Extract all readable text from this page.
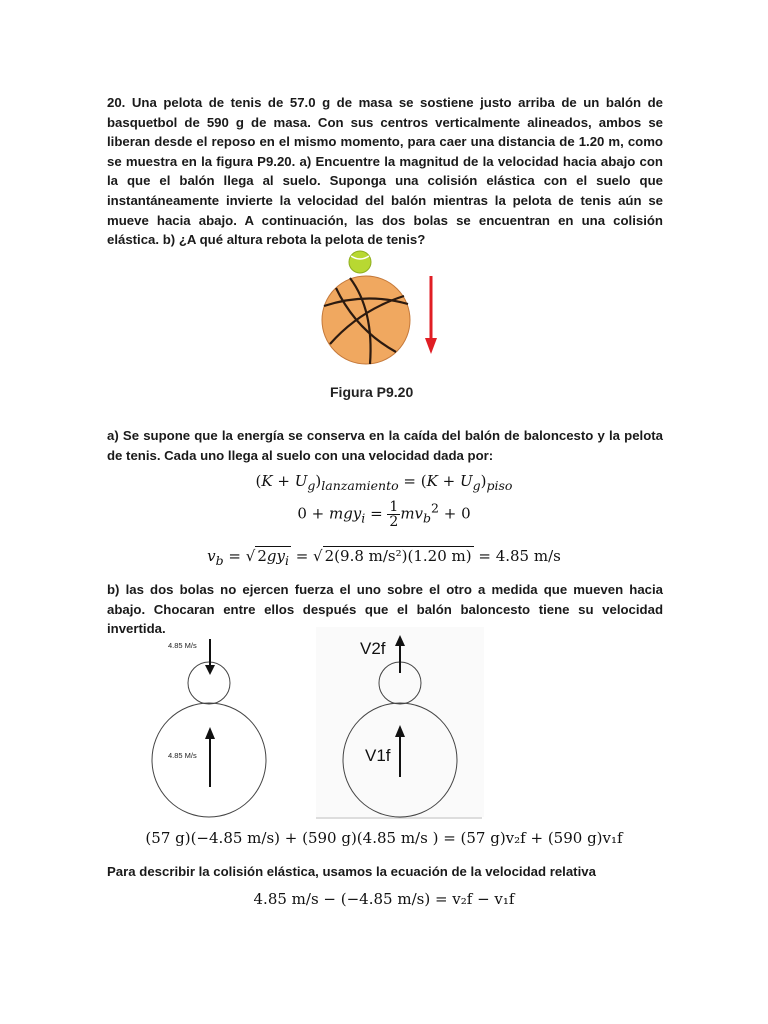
20. Una pelota de tenis de 57.0 g de masa se sostiene justo arriba de un balón de basquetbol de 590 g de masa. Con sus centros verticalmente alineados, ambos se liberan desde el reposo en el mismo momento, para caer una distancia de 1.20 m, como se muestra en la figura P9.20. a) Encuentre la magnitud de la velocidad hacia abajo con la que el balón llega al suelo. Suponga una colisión elástica con el suelo que instantáneamente invierte la velocidad del balón mientras la pelota de tenis aún se mueve hacia abajo. A continuación, las dos bolas se encuentran en una colisión elástica. b) ¿A qué altura rebota la pelota de tenis?

Figura P9.20

a) Se supone que la energía se conserva en la caída del balón de baloncesto y la pelota de tenis. Cada uno llega al suelo con una velocidad dada por:

$(K + U_g)_{lanzamiento} = (K + U_g)_{piso}$
$0 + mgy_i = \frac{1}{2} mv_b^2 + 0$
$v_b$ = √ $2gy_i$ = √ 2(9.8 m/s²)(1.20 m) = 4.85 m/s

b) las dos bolas no ejercen fuerza el uno sobre el otro a medida que mueven hacia abajo. Chocaran entre ellos después que el balón baloncesto tiene su velocidad invertida.

4.85 M/s
4.85 M/s
V2f
V1f
(57 g)(−4.85 m/s) + (590 g)(4.85 m/s ) = (57 g)v₂f + (590 g)v₁f

Para describir la colisión elástica, usamos la ecuación de la velocidad relativa

4.85 m/s − (−4.85 m/s) = v₂f − v₁f
